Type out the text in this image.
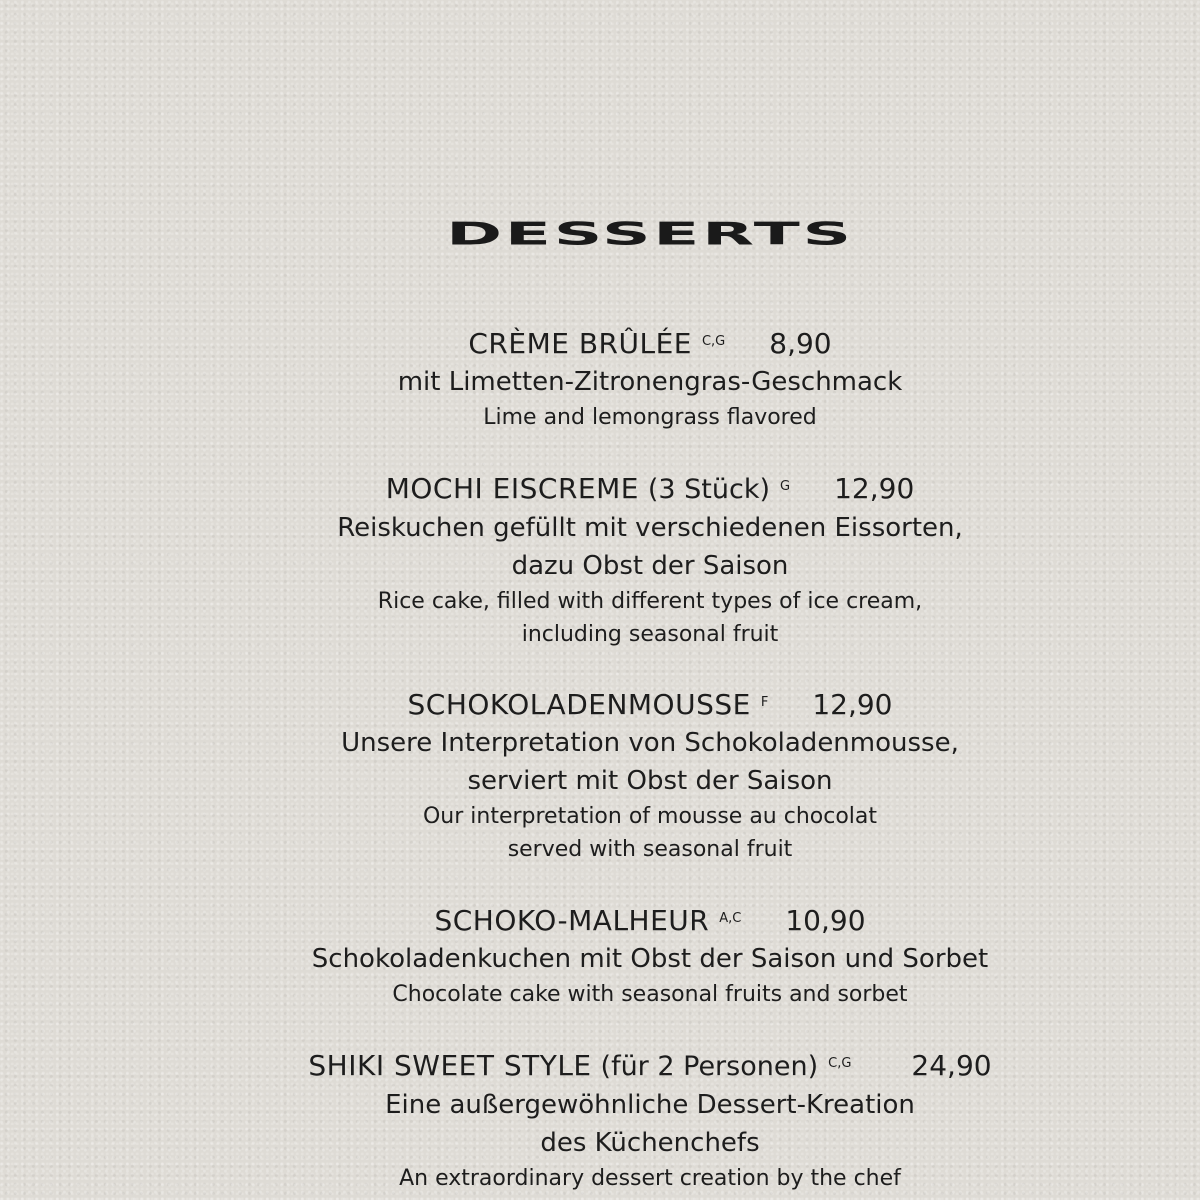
DESSERTS
CRÈME BRÛLÉE $^{C,G}$ 8,90
mit Limetten-Zitronengras-Geschmack
Lime and lemongrass flavored
MOCHI EISCREME (3 Stück) $^G$ 12,90
Reiskuchen gefüllt mit verschiedenen Eissorten,
dazu Obst der Saison
Rice cake, filled with different types of ice cream,
including seasonal fruit
SCHOKOLADENMOUSSE $^F$ 12,90
Unsere Interpretation von Schokoladenmousse,
serviert mit Obst der Saison
Our interpretation of mousse au chocolat
served with seasonal fruit
SCHOKO-MALHEUR $^{A,C}$ 10,90
Schokoladenkuchen mit Obst der Saison und Sorbet
Chocolate cake with seasonal fruits and sorbet
SHIKI SWEET STYLE (für 2 Personen) $^{C,G}$ 24,90
Eine außergewöhnliche Dessert-Kreation
des Küchenchefs
An extraordinary dessert creation by the chef
